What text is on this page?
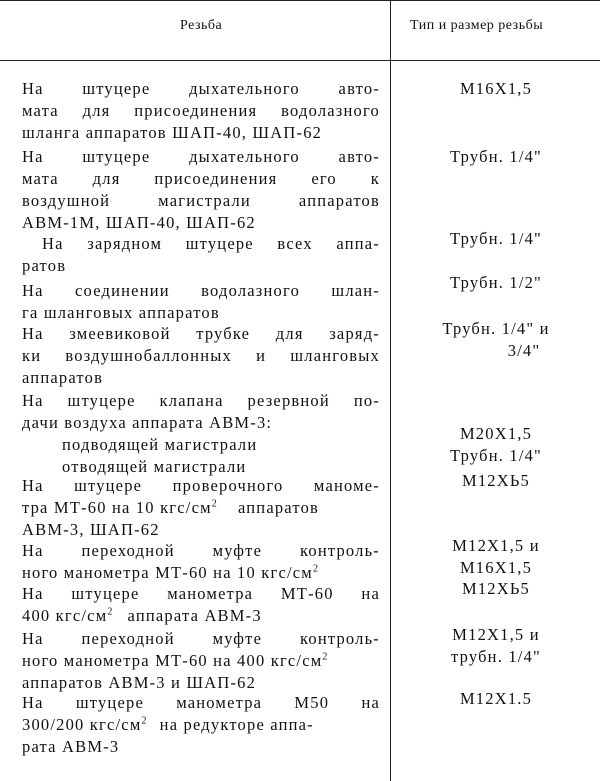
Резьба	Тип и размер резьбы
На штуцере дыхательного авто-
мата для присоединения водолазного
шланга аппаратов ШАП-40, ШАП-62
М16Х1,5
На штуцере дыхательного авто-
мата для присоединения его к
воздушной магистрали аппаратов
АВМ-1М, ШАП-40, ШАП-62
Трубн. 1/4"
На зарядном штуцере всех аппа-
ратов
Трубн. 1/4"
На соединении водолазного шлан-
га шланговых аппаратов
Трубн. 1/2"
На змеевиковой трубке для заряд-
ки воздушнобаллонных и шланговых
аппаратов
Трубн. 1/4" и
3/4"
На штуцере клапана резервной по-
дачи воздуха аппарата АВМ-3:
подводящей магистрали
отводящей магистрали
М20Х1,5
Трубн. 1/4"
На штуцере проверочного маноме-
тра МТ-60 на 10 кгс/$см^2$ аппаратов
АВМ-3, ШАП-62
М12ХЬ5
На переходной муфте контроль-
ного манометра МТ-60 на 10 кгс/$см^2$
М12Х1,5 и
М16Х1,5
На штуцере манометра МТ-60 на
400 кгс/$см^2$ аппарата АВМ-3
М12ХЬ5
На переходной муфте контроль-
ного манометра МТ-60 на 400 кгс/$см^2$
аппаратов АВМ-3 и ШАП-62
М12Х1,5 и
трубн. 1/4"
На штуцере манометра М50 на
300/200 кгс/$см^2$ на редукторе аппа-
рата АВМ-3
М12Х1.5
